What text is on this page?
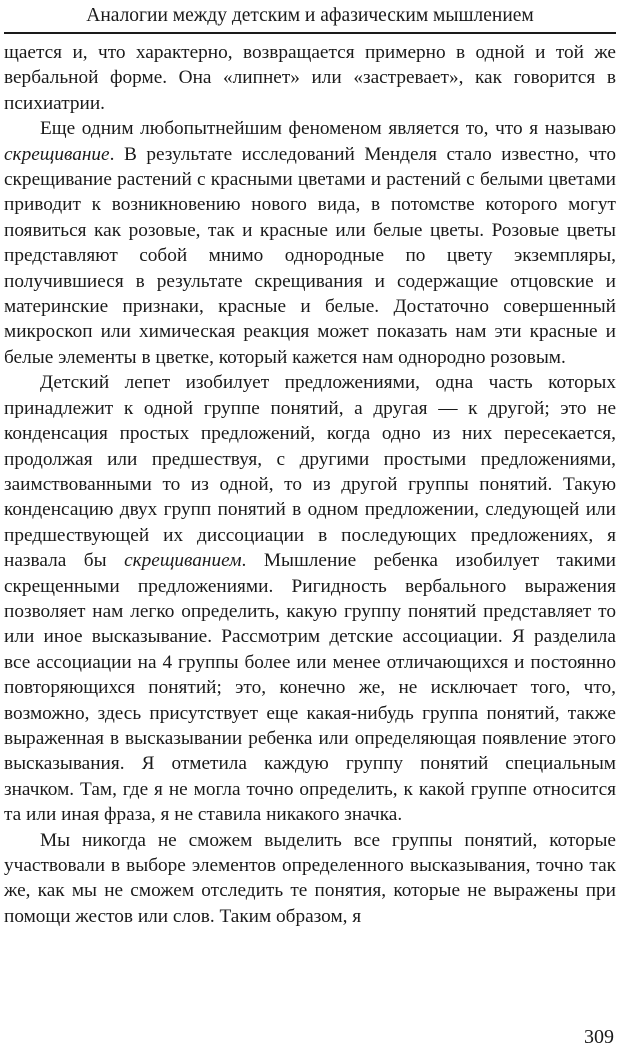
Аналогии между детским и афазическим мышлением

щается и, что характерно, возвращается примерно в одной и той же вербальной форме. Она «липнет» или «застревает», как говорится в психиатрии.

Еще одним любопытнейшим феноменом является то, что я называю скрещивание. В результате исследований Менделя стало известно, что скрещивание растений с красными цветами и растений с белыми цветами приводит к возникновению нового вида, в потомстве которого могут появиться как розовые, так и красные или белые цветы. Розовые цветы представляют собой мнимо однородные по цвету экземпляры, получившиеся в результате скрещивания и содержащие отцовские и материнские признаки, красные и белые. Достаточно совершенный микроскоп или химическая реакция может показать нам эти красные и белые элементы в цветке, который кажется нам однородно розовым.

Детский лепет изобилует предложениями, одна часть которых принадлежит к одной группе понятий, а другая — к другой; это не конденсация простых предложений, когда одно из них пересекается, продолжая или предшествуя, с другими простыми предложениями, заимствованными то из одной, то из другой группы понятий. Такую конденсацию двух групп понятий в одном предложении, следующей или предшествующей их диссоциации в последующих предложениях, я назвала бы скрещиванием. Мышление ребенка изобилует такими скрещенными предложениями. Ригидность вербального выражения позволяет нам легко определить, какую группу понятий представляет то или иное высказывание. Рассмотрим детские ассоциации. Я разделила все ассоциации на 4 группы более или менее отличающихся и постоянно повторяющихся понятий; это, конечно же, не исключает того, что, возможно, здесь присутствует еще какая-нибудь группа понятий, также выраженная в высказывании ребенка или определяющая появление этого высказывания. Я отметила каждую группу понятий специальным значком. Там, где я не могла точно определить, к какой группе относится та или иная фраза, я не ставила никакого значка.

Мы никогда не сможем выделить все группы понятий, которые участвовали в выборе элементов определенного высказывания, точно так же, как мы не сможем отследить те понятия, которые не выражены при помощи жестов или слов. Таким образом, я

309
